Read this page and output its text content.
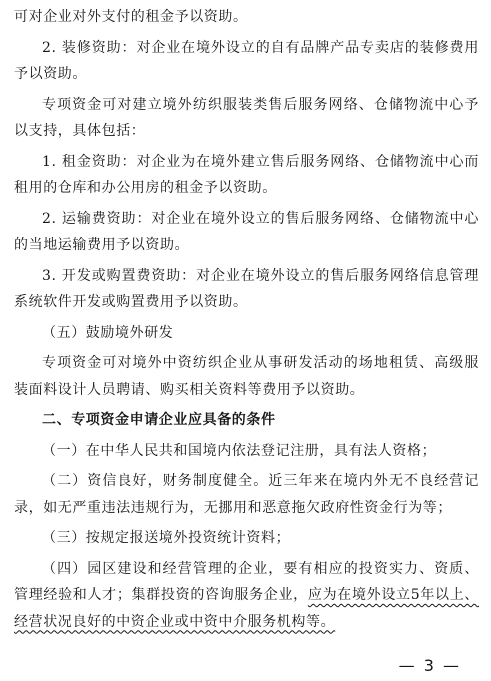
可对企业对外支付的租金予以资助。

2. 装修资助：对企业在境外设立的自有品牌产品专卖店的装修费用予以资助。

专项资金可对建立境外纺织服装类售后服务网络、仓储物流中心予以支持，具体包括：

1. 租金资助：对企业为在境外建立售后服务网络、仓储物流中心而租用的仓库和办公用房的租金予以资助。

2. 运输费资助：对企业在境外设立的售后服务网络、仓储物流中心的当地运输费用予以资助。

3. 开发或购置费资助：对企业在境外设立的售后服务网络信息管理系统软件开发或购置费用予以资助。

（五）鼓励境外研发

专项资金可对境外中资纺织企业从事研发活动的场地租赁、高级服装面料设计人员聘请、购买相关资料等费用予以资助。

二、专项资金申请企业应具备的条件

（一）在中华人民共和国境内依法登记注册，具有法人资格；

（二）资信良好，财务制度健全。近三年来在境内外无不良经营记录，如无严重违法违规行为，无挪用和恶意拖欠政府性资金行为等；

（三）按规定报送境外投资统计资料；

（四）园区建设和经营管理的企业，要有相应的投资实力、资质、管理经验和人才；集群投资的咨询服务企业，应为在境外设立5年以上、经营状况良好的中资企业或中资中介服务机构等。

— 3 —
